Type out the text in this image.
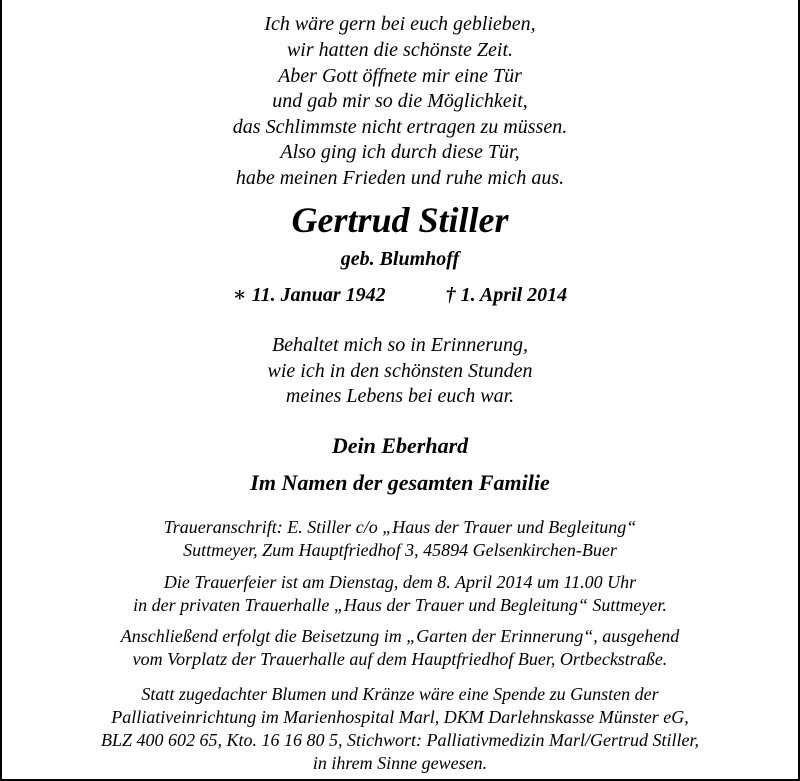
Ich wäre gern bei euch geblieben,
wir hatten die schönste Zeit.
Aber Gott öffnete mir eine Tür
und gab mir so die Möglichkeit,
das Schlimmste nicht ertragen zu müssen.
Also ging ich durch diese Tür,
habe meinen Frieden und ruhe mich aus.
Gertrud Stiller
geb. Blumhoff
∗ 11. Januar 1942	† 1. April 2014
Behaltet mich so in Erinnerung,
wie ich in den schönsten Stunden
meines Lebens bei euch war.
Dein Eberhard
Im Namen der gesamten Familie
Traueranschrift: E. Stiller c/o „Haus der Trauer und Begleitung“
Suttmeyer, Zum Hauptfriedhof 3, 45894 Gelsenkirchen-Buer
Die Trauerfeier ist am Dienstag, dem 8. April 2014 um 11.00 Uhr
in der privaten Trauerhalle „Haus der Trauer und Begleitung“ Suttmeyer.
Anschließend erfolgt die Beisetzung im „Garten der Erinnerung“, ausgehend
vom Vorplatz der Trauerhalle auf dem Hauptfriedhof Buer, Ortbeckstraße.
Statt zugedachter Blumen und Kränze wäre eine Spende zu Gunsten der
Palliativeinrichtung im Marienhospital Marl, DKM Darlehnskasse Münster eG,
BLZ 400 602 65, Kto. 16 16 80 5, Stichwort: Palliativmedizin Marl/Gertrud Stiller,
in ihrem Sinne gewesen.
